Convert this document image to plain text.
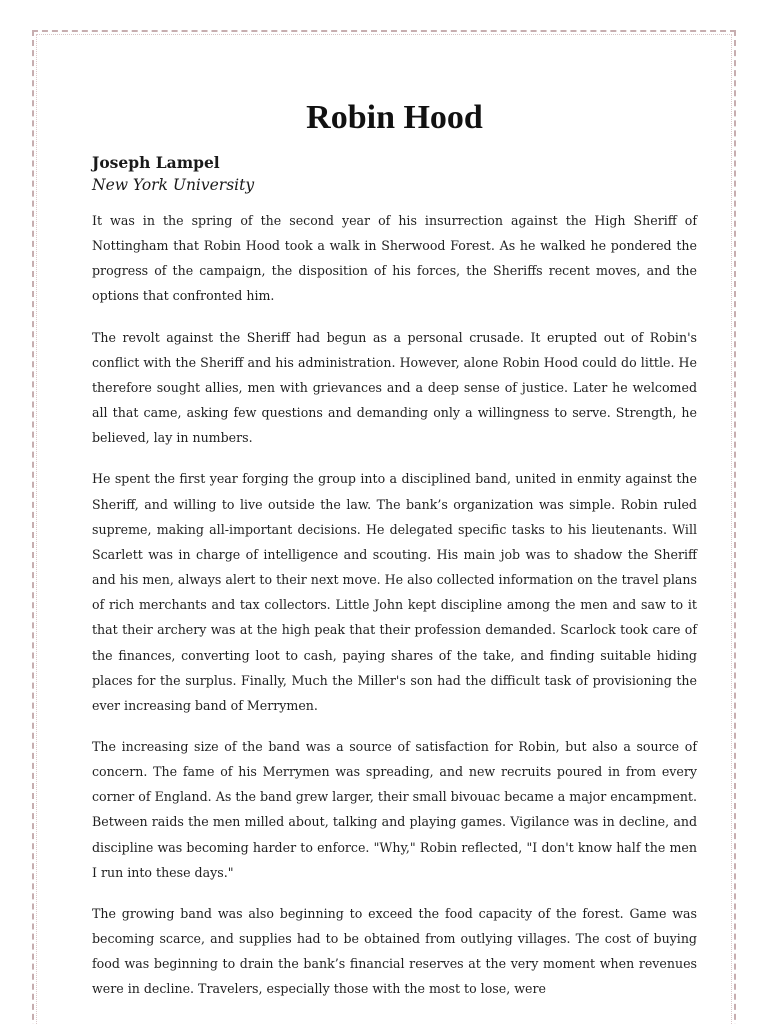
Robin Hood
Joseph Lampel
New York University

It was in the spring of the second year of his insurrection against the High Sheriff of Nottingham that Robin Hood took a walk in Sherwood Forest. As he walked he pondered the progress of the campaign, the disposition of his forces, the Sheriffs recent moves, and the options that confronted him.

The revolt against the Sheriff had begun as a personal crusade. It erupted out of Robin's conflict with the Sheriff and his administration. However, alone Robin Hood could do little. He therefore sought allies, men with grievances and a deep sense of justice. Later he welcomed all that came, asking few questions and demanding only a willingness to serve. Strength, he believed, lay in numbers.

He spent the first year forging the group into a disciplined band, united in enmity against the Sheriff, and willing to live outside the law. The bank’s organization was simple. Robin ruled supreme, making all-important decisions. He delegated specific tasks to his lieutenants. Will Scarlett was in charge of intelligence and scouting. His main job was to shadow the Sheriff and his men, always alert to their next move. He also collected information on the travel plans of rich merchants and tax collectors. Little John kept discipline among the men and saw to it that their archery was at the high peak that their profession demanded. Scarlock took care of the finances, converting loot to cash, paying shares of the take, and finding suitable hiding places for the surplus. Finally, Much the Miller's son had the difficult task of provisioning the ever increasing band of Merrymen.

The increasing size of the band was a source of satisfaction for Robin, but also a source of concern. The fame of his Merrymen was spreading, and new recruits poured in from every corner of England. As the band grew larger, their small bivouac became a major encampment. Between raids the men milled about, talking and playing games. Vigilance was in decline, and discipline was becoming harder to enforce. "Why," Robin reflected, "I don't know half the men I run into these days."

The growing band was also beginning to exceed the food capacity of the forest. Game was becoming scarce, and supplies had to be obtained from outlying villages. The cost of buying food was beginning to drain the bank’s financial reserves at the very moment when revenues were in decline. Travelers, especially those with the most to lose, were
